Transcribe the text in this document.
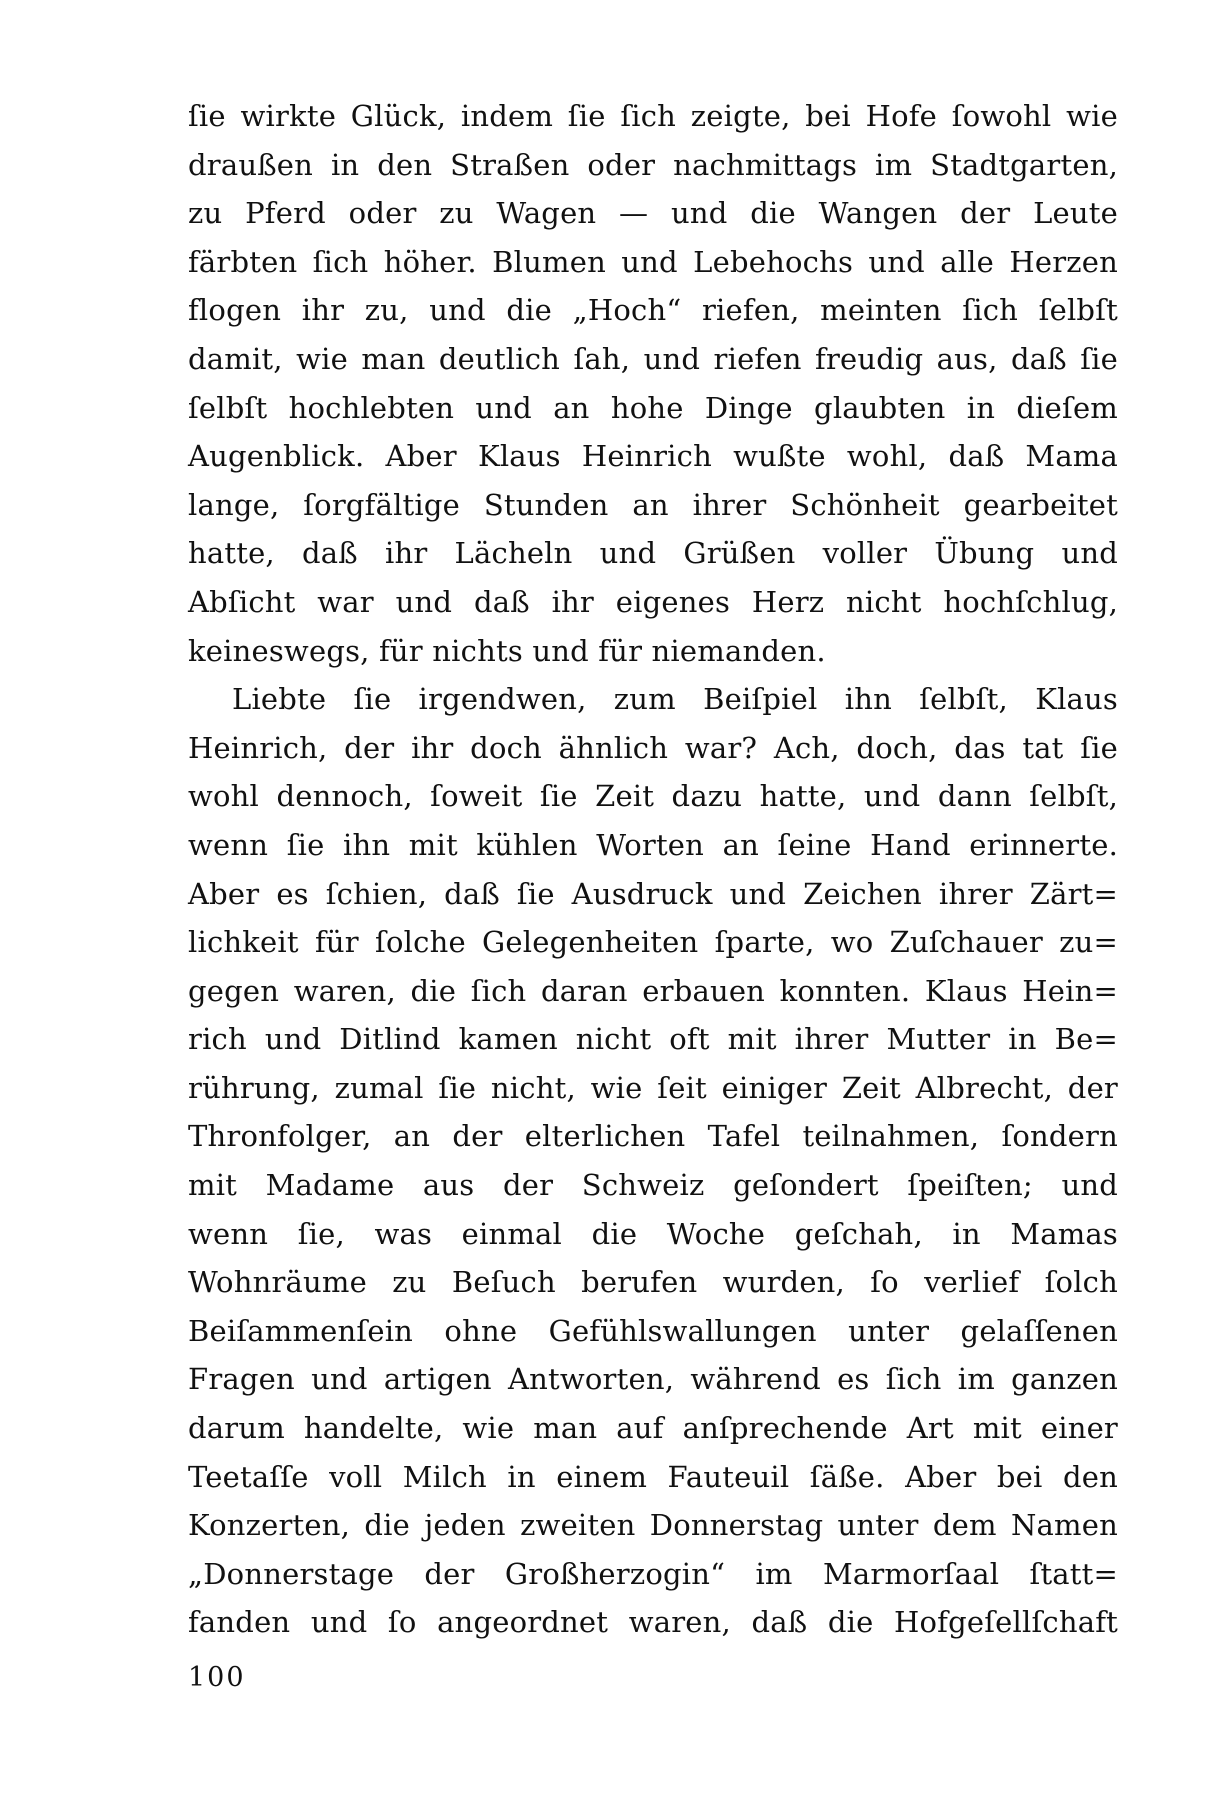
ſie wirkte Glück, indem ſie ſich zeigte, bei Hofe ſowohl wie
draußen in den Straßen oder nachmittags im Stadtgarten,
zu Pferd oder zu Wagen — und die Wangen der Leute
färbten ſich höher. Blumen und Lebehochs und alle Herzen
flogen ihr zu, und die „Hoch“ riefen, meinten ſich ſelbſt
damit, wie man deutlich ſah, und riefen freudig aus, daß ſie
ſelbſt hochlebten und an hohe Dinge glaubten in dieſem
Augenblick. Aber Klaus Heinrich wußte wohl, daß Mama
lange, ſorgfältige Stunden an ihrer Schönheit gearbeitet
hatte, daß ihr Lächeln und Grüßen voller Übung und
Abſicht war und daß ihr eigenes Herz nicht hochſchlug,
keineswegs, für nichts und für niemanden.
Liebte ſie irgendwen, zum Beiſpiel ihn ſelbſt, Klaus
Heinrich, der ihr doch ähnlich war? Ach, doch, das tat ſie
wohl dennoch, ſoweit ſie Zeit dazu hatte, und dann ſelbſt,
wenn ſie ihn mit kühlen Worten an ſeine Hand erinnerte.
Aber es ſchien, daß ſie Ausdruck und Zeichen ihrer Zärt=
lichkeit für ſolche Gelegenheiten ſparte, wo Zuſchauer zu=
gegen waren, die ſich daran erbauen konnten. Klaus Hein=
rich und Ditlind kamen nicht oft mit ihrer Mutter in Be=
rührung, zumal ſie nicht, wie ſeit einiger Zeit Albrecht, der
Thronfolger, an der elterlichen Tafel teilnahmen, ſondern
mit Madame aus der Schweiz geſondert ſpeiſten; und
wenn ſie, was einmal die Woche geſchah, in Mamas
Wohnräume zu Beſuch berufen wurden, ſo verlief ſolch
Beiſammenſein ohne Gefühlswallungen unter gelaſſenen
Fragen und artigen Antworten, während es ſich im ganzen
darum handelte, wie man auf anſprechende Art mit einer
Teetaſſe voll Milch in einem Fauteuil ſäße. Aber bei den
Konzerten, die jeden zweiten Donnerstag unter dem Namen
„Donnerstage der Großherzogin“ im Marmorſaal ſtatt=
fanden und ſo angeordnet waren, daß die Hofgeſellſchaft
100
